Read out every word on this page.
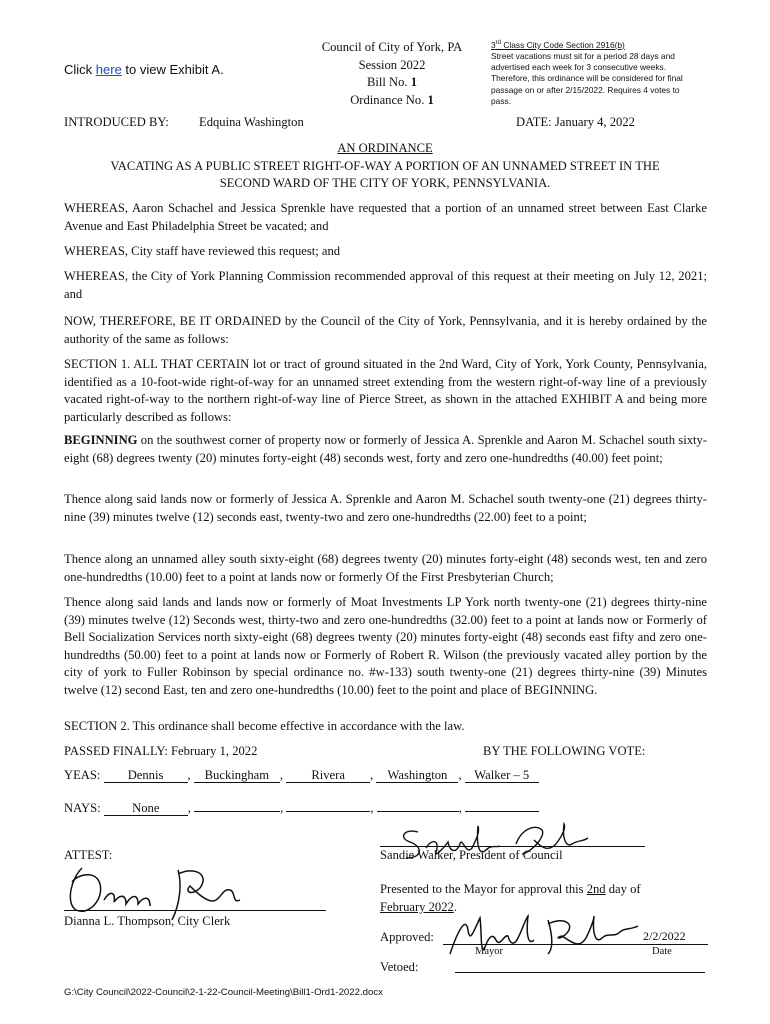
Click here to view Exhibit A.
Council of City of York, PA
Session 2022
Bill No. 1
Ordinance No. 1
3rd Class City Code Section 2916(b)
Street vacations must sit for a period 28 days and
advertised each week for 3 consecutive weeks.
Therefore, this ordinance will be considered for final
passage on or after 2/15/2022. Requires 4 votes to
pass.
INTRODUCED BY: Edquina Washington	DATE: January 4, 2022
AN ORDINANCE
VACATING AS A PUBLIC STREET RIGHT-OF-WAY A PORTION OF AN UNNAMED STREET IN THE
SECOND WARD OF THE CITY OF YORK, PENNSYLVANIA.
WHEREAS, Aaron Schachel and Jessica Sprenkle have requested that a portion of an unnamed street between East Clarke Avenue and East Philadelphia Street be vacated; and
WHEREAS, City staff have reviewed this request; and
WHEREAS, the City of York Planning Commission recommended approval of this request at their meeting on July 12, 2021; and
NOW, THEREFORE, BE IT ORDAINED by the Council of the City of York, Pennsylvania, and it is hereby ordained by the authority of the same as follows:
SECTION 1. ALL THAT CERTAIN lot or tract of ground situated in the 2nd Ward, City of York, York County, Pennsylvania, identified as a 10-foot-wide right-of-way for an unnamed street extending from the western right-of-way line of a previously vacated right-of-way to the northern right-of-way line of Pierce Street, as shown in the attached EXHIBIT A and being more particularly described as follows:
BEGINNING on the southwest corner of property now or formerly of Jessica A. Sprenkle and Aaron M. Schachel south sixty-eight (68) degrees twenty (20) minutes forty-eight (48) seconds west, forty and zero one-hundredths (40.00) feet point;
Thence along said lands now or formerly of Jessica A. Sprenkle and Aaron M. Schachel south twenty-one (21) degrees thirty-nine (39) minutes twelve (12) seconds east, twenty-two and zero one-hundredths (22.00) feet to a point;
Thence along an unnamed alley south sixty-eight (68) degrees twenty (20) minutes forty-eight (48) seconds west, ten and zero one-hundredths (10.00) feet to a point at lands now or formerly Of the First Presbyterian Church;
Thence along said lands and lands now or formerly of Moat Investments LP York north twenty-one (21) degrees thirty-nine (39) minutes twelve (12) Seconds west, thirty-two and zero one-hundredths (32.00) feet to a point at lands now or Formerly of Bell Socialization Services north sixty-eight (68) degrees twenty (20) minutes forty-eight (48) seconds east fifty and zero one-hundredths (50.00) feet to a point at lands now or Formerly of Robert R. Wilson (the previously vacated alley portion by the city of york to Fuller Robinson by special ordinance no. #w-133) south twenty-one (21) degrees thirty-nine (39) Minutes twelve (12) second East, ten and zero one-hundredths (10.00) feet to the point and place of BEGINNING.
SECTION 2. This ordinance shall become effective in accordance with the law.
PASSED FINALLY: February 1, 2022	BY THE FOLLOWING VOTE:
YEAS: Dennis , Buckingham , Rivera , Washington , Walker – 5
NAYS:	None ,	,	,	,
Sandie Walker, President of Council
ATTEST:
Dianna L. Thompson, City Clerk
Presented to the Mayor for approval this 2nd day of
February 2022.
Approved:	2/2/2022
Mayor	Date
Vetoed:
G:\City Council\2022-Council\2-1-22-Council-Meeting\Bill1-Ord1-2022.docx
